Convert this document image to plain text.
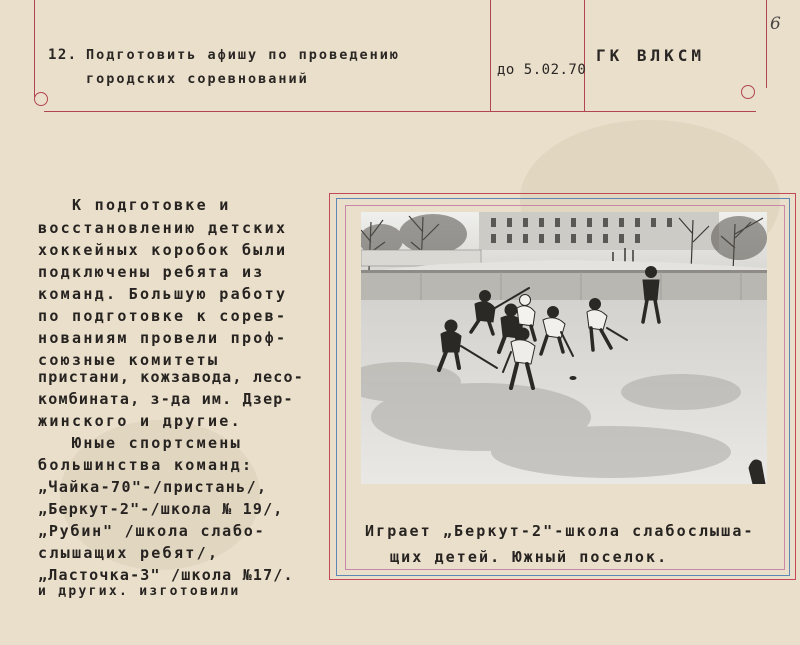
12. Подготовить афишу по проведению
городских соревнований
до 5.02.70
ГК ВЛКСМ
6
К подготовке и
восстановлению детских
хоккейных коробок были
подключены ребята из
команд. Большую работу
по подготовке к сорев-
нованиям провели проф-
союзные комитеты
пристани, кожзавода, лесо-
комбината, з-да им. Дзер-
жинского и другие.
Юные спортсмены
большинства команд:
„Чайка-70"-/пристань/,
„Беркут-2"-/школа № 19/,
„Рубин" /школа слабо-
слышащих ребят/,
„Ласточка-3" /школа №17/.
и других. изготовили
Играет „Беркут-2"-школа слабослыша-
щих детей. Южный поселок.
